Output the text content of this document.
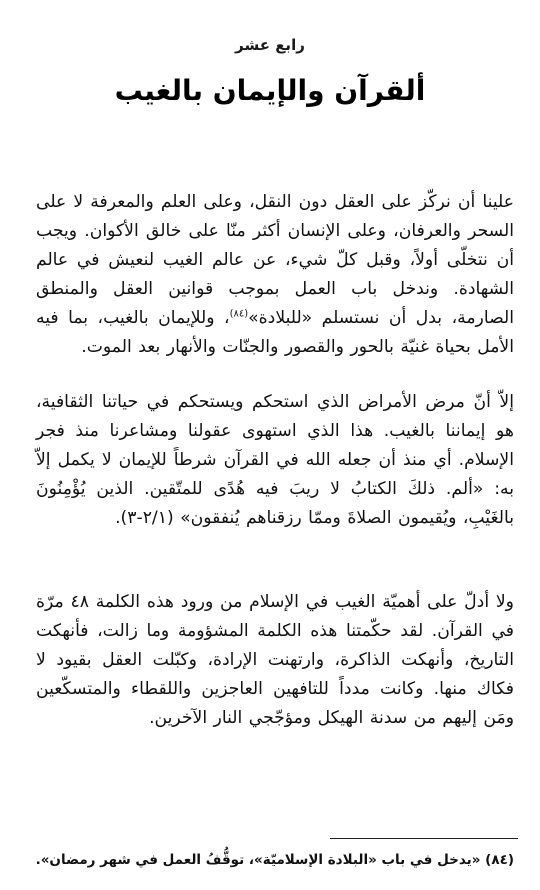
رابع عشر
ألقرآن والإيمان بالغيب
علينا أن نركّز على العقل دون النقل، وعلى العلم والمعرفة لا على السحر والعرفان، وعلى الإنسان أكثر منّا على خالق الأكوان. ويجب أن نتخلّى أولاً، وقبل كلّ شيء، عن عالم الغيب لنعيش في عالم الشهادة. وندخل باب العمل بموجب قوانين العقل والمنطق الصارمة، بدل أن نستسلم «للبلادة»$^{(٨٤)}$، وللإيمان بالغيب، بما فيه الأمل بحياة غنيّة بالحور والقصور والجنّات والأنهار بعد الموت.
إلاّ أنّ مرض الأمراض الذي استحكم ويستحكم في حياتنا الثقافية، هو إيماننا بالغيب. هذا الذي استهوى عقولنا ومشاعرنا منذ فجر الإسلام. أي منذ أن جعله الله في القرآن شرطاً للإيمان لا يكمل إلاّ به: «ألم. ذلكَ الكتابُ لا ريبَ فيه هُدًى للمتّقين. الذين يُؤْمِنُونَ بالغَيْبِ، ويُقيمون الصلاةَ وممّا رزقناهم يُنفقون» (٢/١-٣).
ولا أدلّ على أهميّة الغيب في الإسلام من ورود هذه الكلمة ٤٨ مرّة في القرآن. لقد حكّمتنا هذه الكلمة المشؤومة وما زالت، فأنهكت التاريخ، وأنهكت الذاكرة، وارتهنت الإرادة، وكبّلت العقل بقيود لا فكاك منها. وكانت مدداً للتافهين العاجزين واللقطاء والمتسكّعين ومَن إليهم من سدنة الهيكل ومؤجّجي النار الآخرين.
(٨٤) «يدخل في باب «البلادة الإسلاميّة»، توقُّفُ العمل في شهر رمضان».
